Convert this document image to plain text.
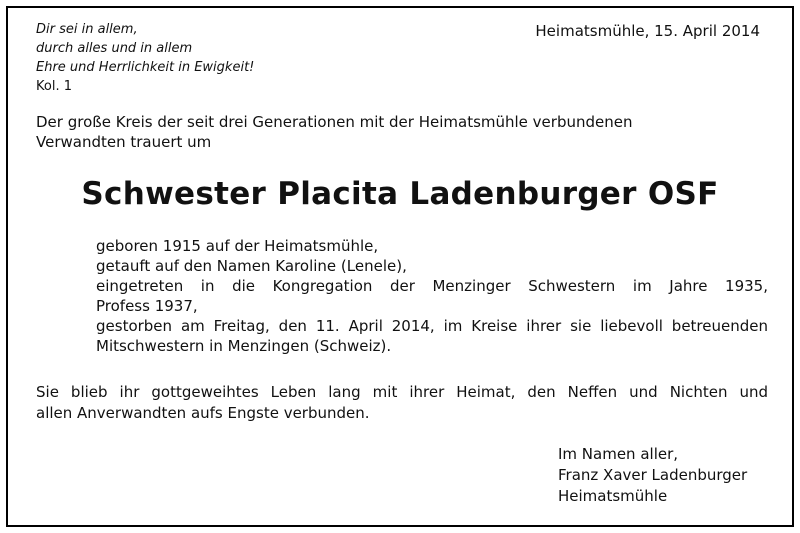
Dir sei in allem,
durch alles und in allem
Ehre und Herrlichkeit in Ewigkeit!
Kol. 1
Heimatsmühle, 15. April 2014
Der große Kreis der seit drei Generationen mit der Heimatsmühle verbundenen
Verwandten trauert um
Schwester Placita Ladenburger OSF
geboren 1915 auf der Heimatsmühle,
getauft auf den Namen Karoline (Lenele),
eingetreten in die Kongregation der Menzinger Schwestern im Jahre 1935,
Profess 1937,
gestorben am Freitag, den 11. April 2014, im Kreise ihrer sie liebevoll betreuenden
Mitschwestern in Menzingen (Schweiz).
Sie blieb ihr gottgeweihtes Leben lang mit ihrer Heimat, den Neffen und Nichten und
allen Anverwandten aufs Engste verbunden.
Im Namen aller,
Franz Xaver Ladenburger
Heimatsmühle
